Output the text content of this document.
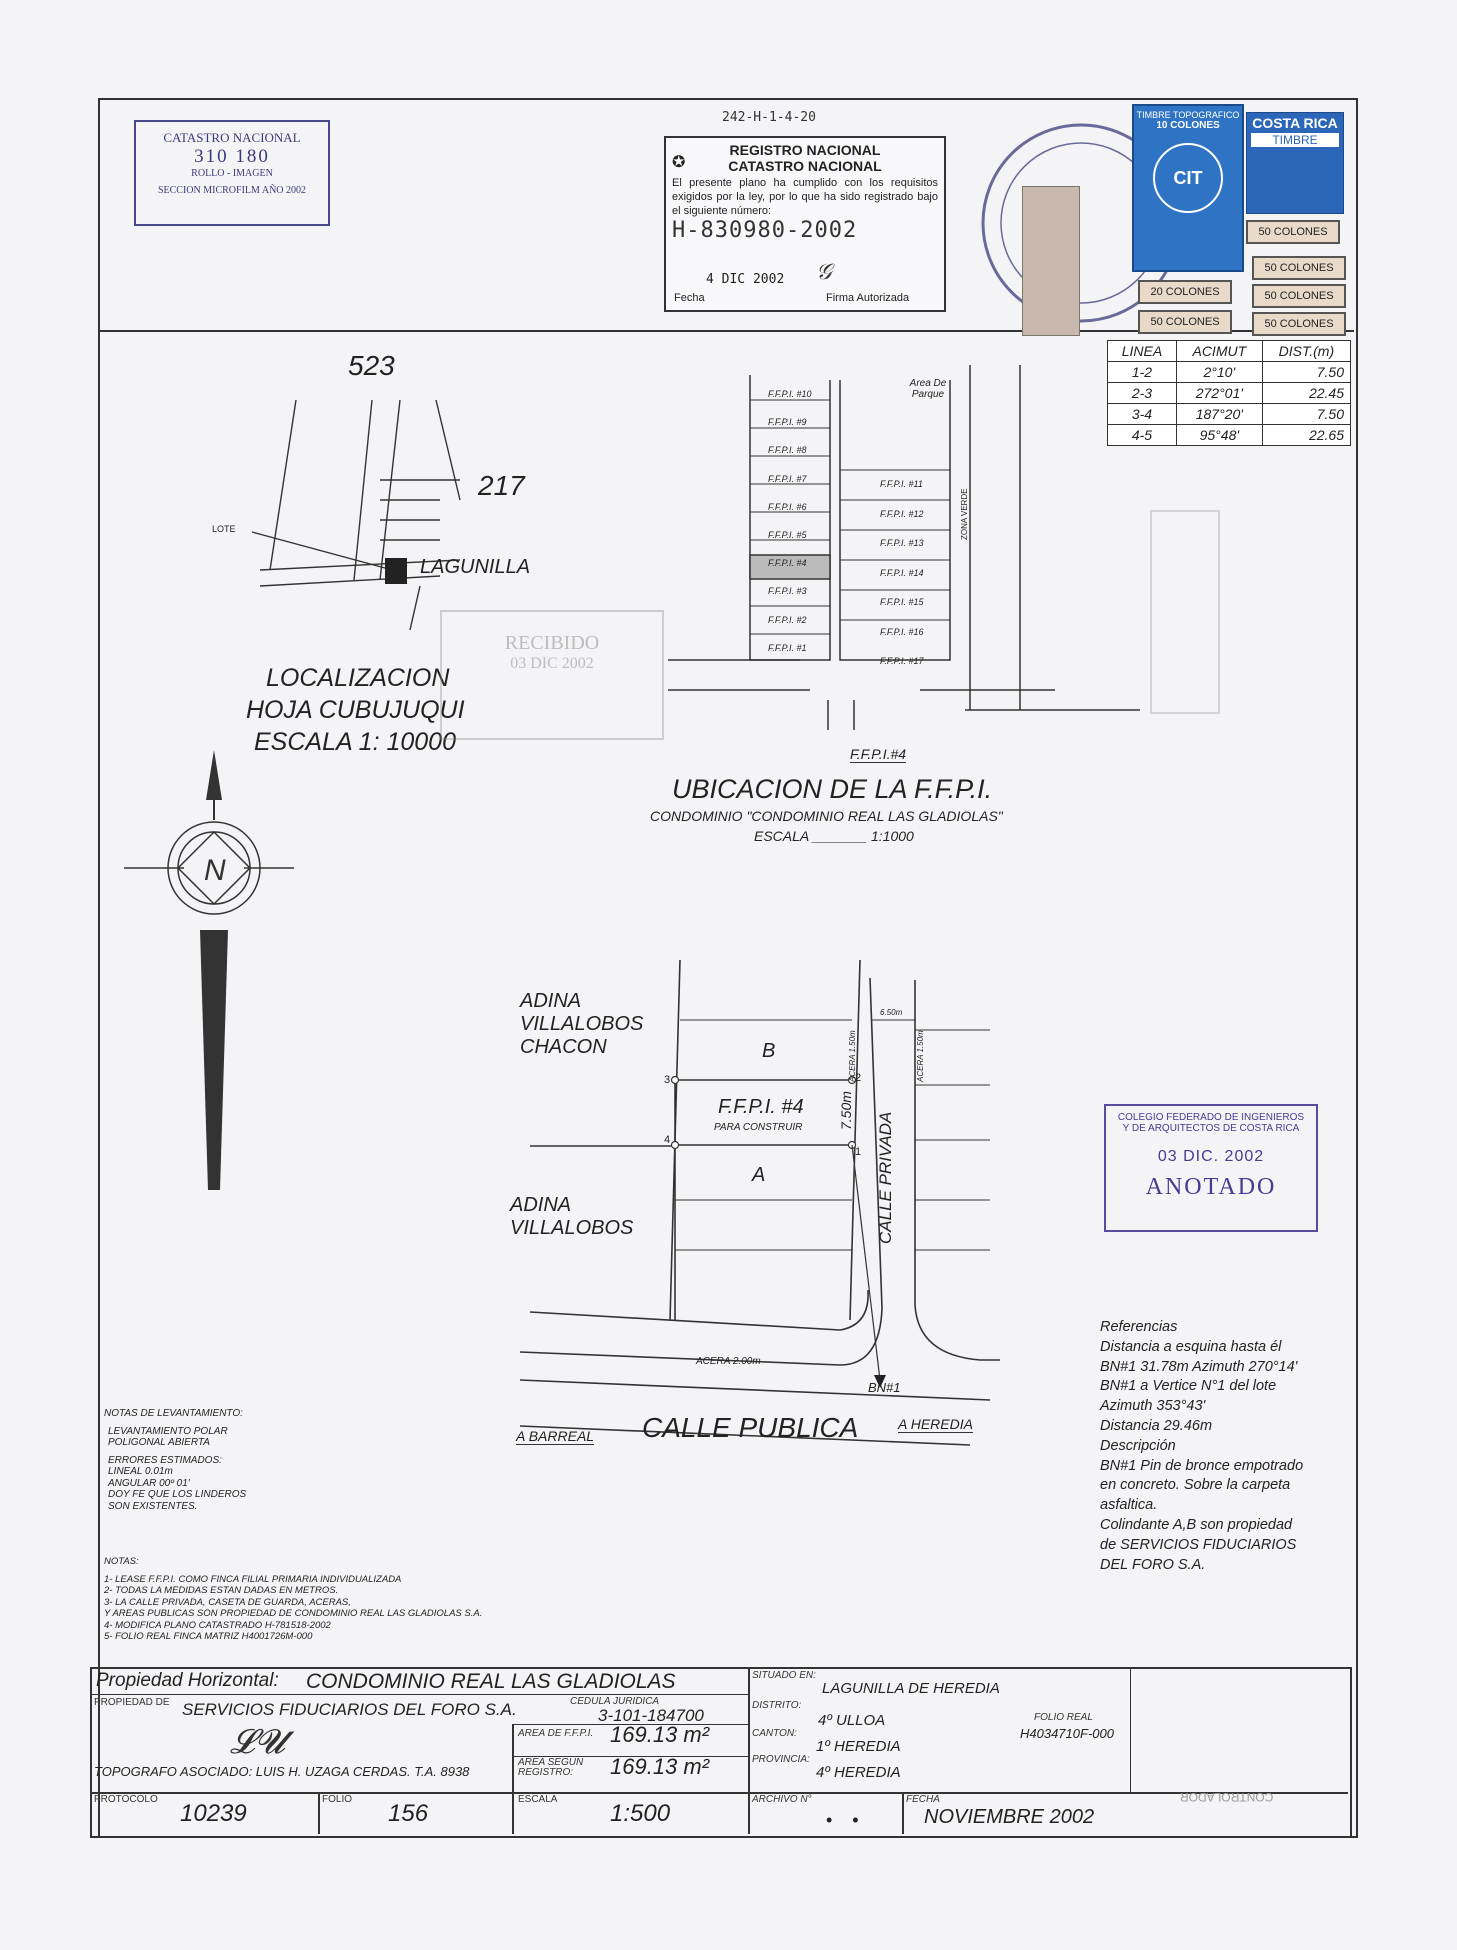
CATASTRO NACIONAL
310 180
ROLLO - IMAGEN
SECCION MICROFILM AÑO 2002
242-H-1-4-20
✪
REGISTRO NACIONAL
CATASTRO NACIONAL
El presente plano ha cumplido con los requisitos exigidos por la ley, por lo que ha sido registrado bajo el siguiente número:
H-830980-2002
4 DIC 2002 𝒢
Fecha	Firma Autorizada
TIMBRE TOPOGRAFICO
10 COLONES
CIT
COSTA RICA
TIMBRE
50 COLONES
50 COLONES
50 COLONES
20 COLONES
50 COLONES	50 COLONES
LINEA	ACIMUT	DIST.(m)
1-2	2°10'	7.50
2-3	272°01'	22.45
3-4	187°20'	7.50
4-5	95°48'	22.65
523
217
LOTE
LAGUNILLA
LOCALIZACION
HOJA CUBUJUQUI
ESCALA 1: 10000
RECIBIDO
03 DIC 2002
N
F.F.P.I. #10
F.F.P.I. #9
F.F.P.I. #8
F.F.P.I. #7
F.F.P.I. #6
F.F.P.I. #5
F.F.P.I. #4
F.F.P.I. #3
F.F.P.I. #2
F.F.P.I. #1
F.F.P.I. #11
F.F.P.I. #12
F.F.P.I. #13
F.F.P.I. #14
F.F.P.I. #15
F.F.P.I. #16
F.F.P.I. #17
Area De Parque
ZONA VERDE
F.F.P.I.#4
UBICACION DE LA F.F.P.I.
CONDOMINIO "CONDOMINIO REAL LAS GLADIOLAS"
ESCALA _______ 1:1000
ADINA
VILLALOBOS
CHACON
ADINA
VILLALOBOS
B
A
F.F.P.I. #4
PARA CONSTRUIR	7.50m
CALLE PRIVADA
ACERA 1.50m	ACERA 1.50m
6.50m
ACERA 2.00m
BN#1
CALLE PUBLICA
A BARREAL
A HEREDIA
1
2
3
4
COLEGIO FEDERADO DE INGENIEROS
Y DE ARQUITECTOS DE COSTA RICA
03 DIC. 2002
ANOTADO
Referencias
Distancia a esquina hasta él
BN#1 31.78m Azimuth 270°14'
BN#1 a Vertice N°1 del lote
Azimuth 353°43'
Distancia 29.46m
Descripción
BN#1 Pin de bronce empotrado
en concreto. Sobre la carpeta
asfaltica.
Colindante A,B son propiedad
de SERVICIOS FIDUCIARIOS
DEL FORO S.A.
NOTAS DE LEVANTAMIENTO:
LEVANTAMIENTO POLAR
POLIGONAL ABIERTA
ERRORES ESTIMADOS:
LINEAL 0.01m
ANGULAR 00º 01'
DOY FE QUE LOS LINDEROS
SON EXISTENTES.
NOTAS:
1- LEASE F.F.P.I. COMO FINCA FILIAL PRIMARIA INDIVIDUALIZADA
2- TODAS LA MEDIDAS ESTAN DADAS EN METROS.
3- LA CALLE PRIVADA, CASETA DE GUARDA, ACERAS,
Y AREAS PUBLICAS SON PROPIEDAD DE CONDOMINIO REAL LAS GLADIOLAS S.A.
4- MODIFICA PLANO CATASTRADO H-781518-2002
5- FOLIO REAL FINCA MATRIZ H4001726M-000
Propiedad Horizontal: CONDOMINIO REAL LAS GLADIOLAS
PROPIEDAD DE SERVICIOS FIDUCIARIOS DEL FORO S.A.	CEDULA JURIDICA
3-101-184700
𝓛𝓤	AREA DE F.F.P.I. 169.13 m²
AREA SEGUN REGISTRO:	169.13 m²
TOPOGRAFO ASOCIADO: LUIS H. UZAGA CERDAS. T.A. 8938
PROTOCOLO
10239
FOLIO
156
ESCALA
1:500
SITUADO EN:
LAGUNILLA DE HEREDIA
DISTRITO:
4º ULLOA
CANTON:
1º HEREDIA
PROVINCIA:
4º HEREDIA
FOLIO REAL
H4034710F-000
ARCHIVO N°
•    •
FECHA
NOVIEMBRE 2002
CONTROLADOR
